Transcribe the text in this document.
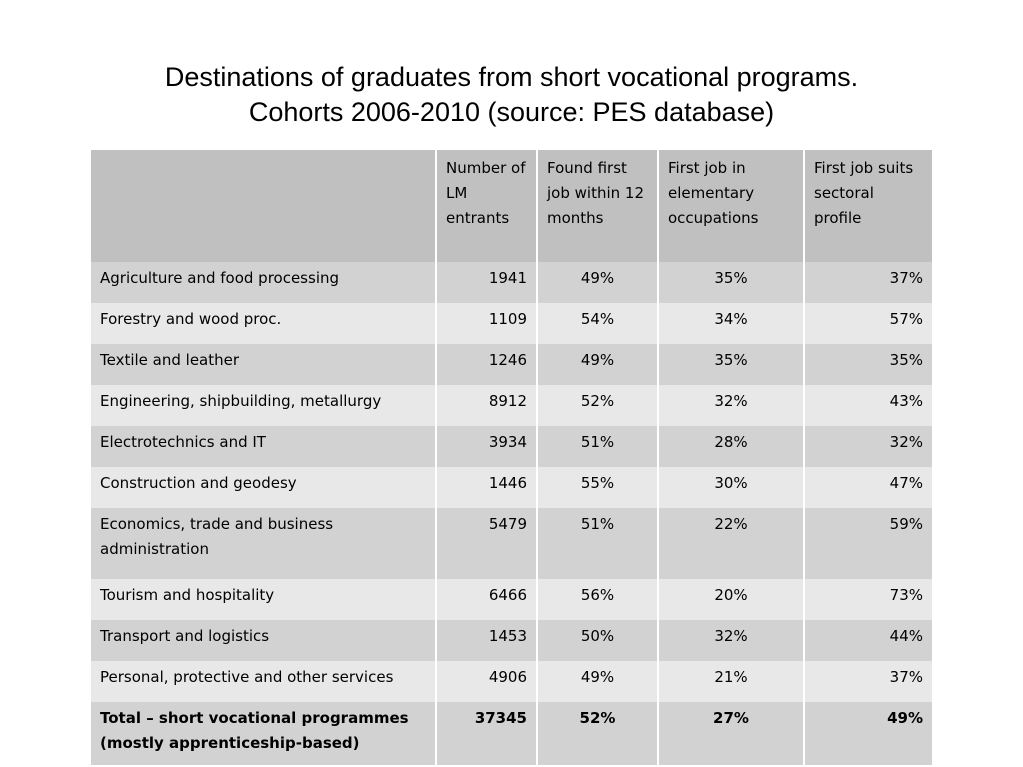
Destinations of graduates from short vocational programs.
Cohorts 2006-2010 (source: PES database)
	Number of LM entrants	Found first job within 12 months	First job in elementary occupations	First job suits sectoral profile
Agriculture and food processing	1941	49%	35%	37%
Forestry and wood proc.	1109	54%	34%	57%
Textile and leather	1246	49%	35%	35%
Engineering, shipbuilding, metallurgy	8912	52%	32%	43%
Electrotechnics and IT	3934	51%	28%	32%
Construction and geodesy	1446	55%	30%	47%
Economics, trade and business administration	5479	51%	22%	59%
Tourism and hospitality	6466	56%	20%	73%
Transport and logistics	1453	50%	32%	44%
Personal, protective and other services	4906	49%	21%	37%
Total – short vocational programmes (mostly apprenticeship-based)	37345	52%	27%	49%
